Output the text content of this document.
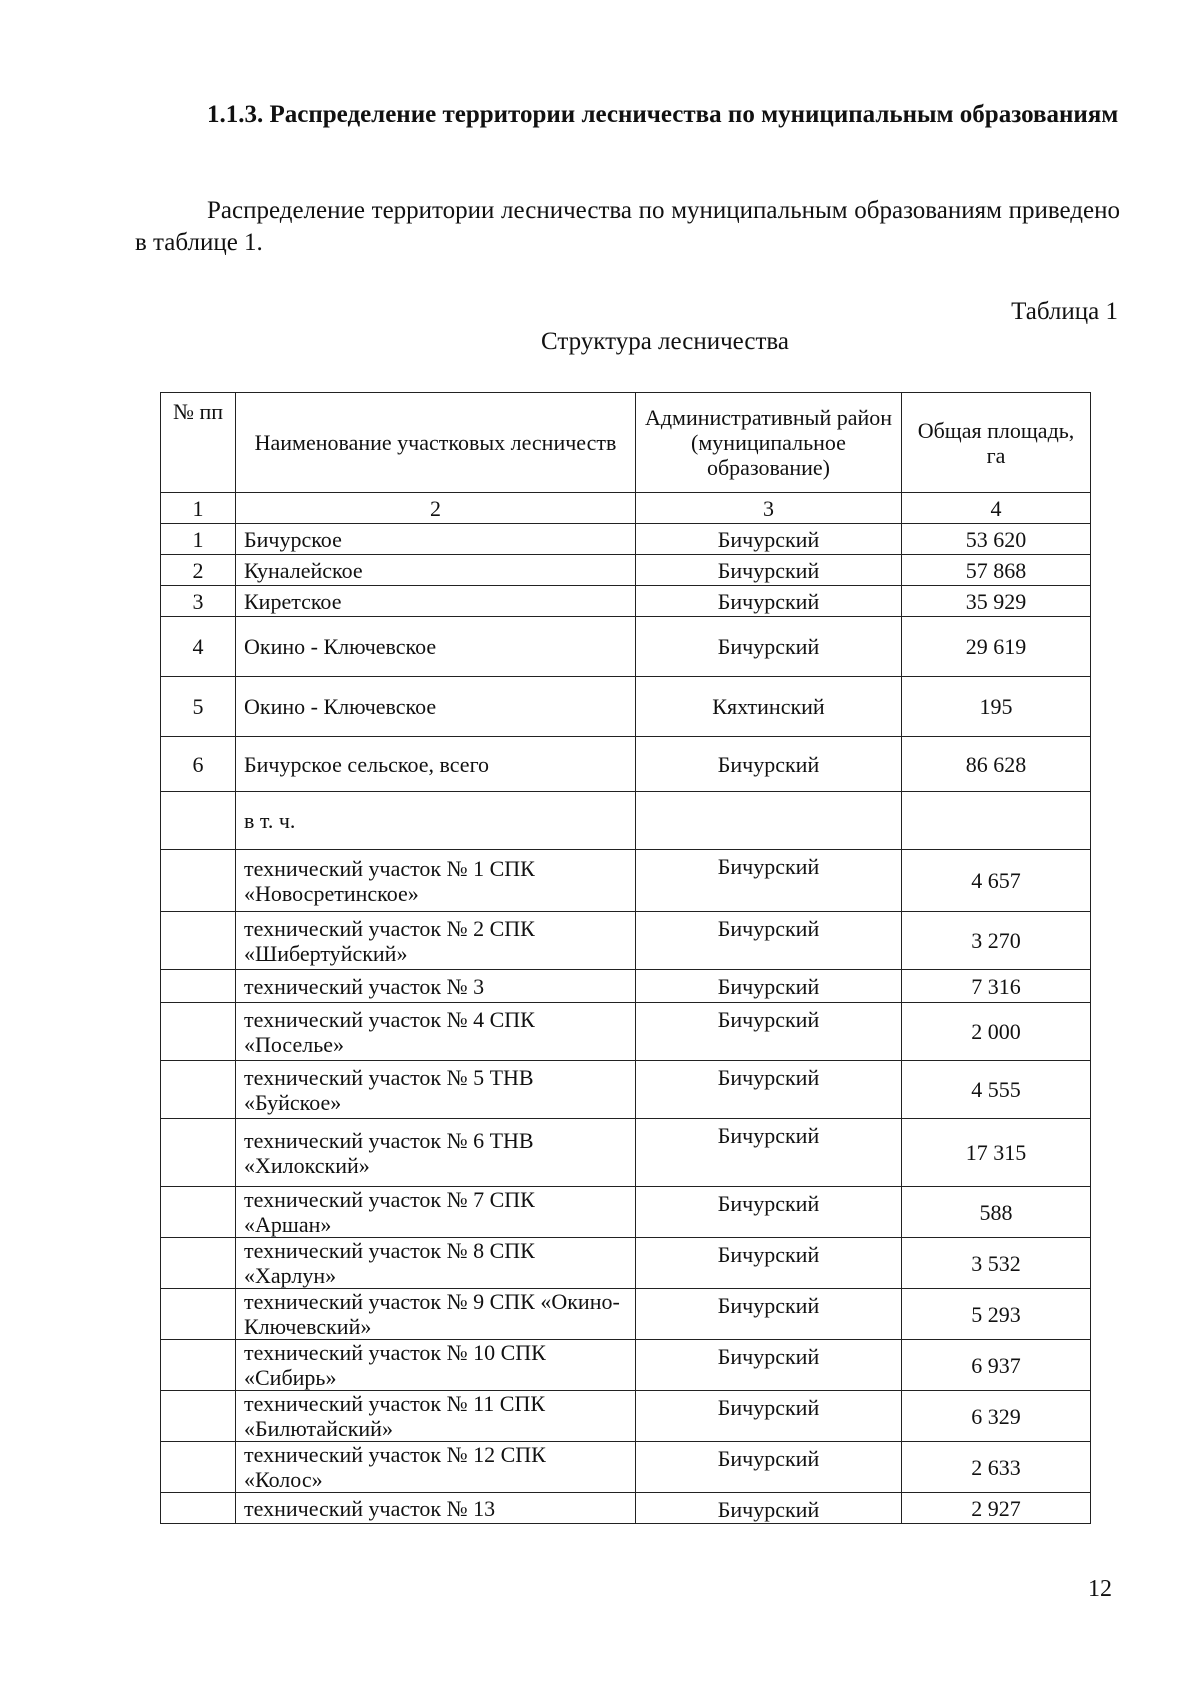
1.1.3. Распределение территории лесничества по муниципальным образованиям
Распределение территории лесничества по муниципальным образованиям приведено в таблице 1.
Таблица 1
Структура лесничества
№ пп	Наименование участковых лесничеств	Административный район (муниципальное образование)	Общая площадь, га
1	2	3	4
1	Бичурское	Бичурский	53 620
2	Куналейское	Бичурский	57 868
3	Киретское	Бичурский	35 929
4	Окино - Ключевское	Бичурский	29 619
5	Окино - Ключевское	Кяхтинский	195
6	Бичурское сельское, всего	Бичурский	86 628
	в т. ч.		
	технический участок № 1 СПК «Новосретинское»	Бичурский	4 657
	технический участок № 2 СПК «Шибертуйский»	Бичурский	3 270
	технический участок № 3	Бичурский	7 316
	технический участок № 4 СПК «Поселье»	Бичурский	2 000
	технический участок № 5 ТНВ «Буйское»	Бичурский	4 555
	технический участок № 6 ТНВ «Хилокский»	Бичурский	17 315
	технический участок № 7 СПК «Аршан»	Бичурский	588
	технический участок № 8 СПК «Харлун»	Бичурский	3 532
	технический участок № 9 СПК «Окино-Ключевский»	Бичурский	5 293
	технический участок № 10 СПК «Сибирь»	Бичурский	6 937
	технический участок № 11 СПК «Билютайский»	Бичурский	6 329
	технический участок № 12 СПК «Колос»	Бичурский	2 633
	технический участок № 13	Бичурский	2 927
12
